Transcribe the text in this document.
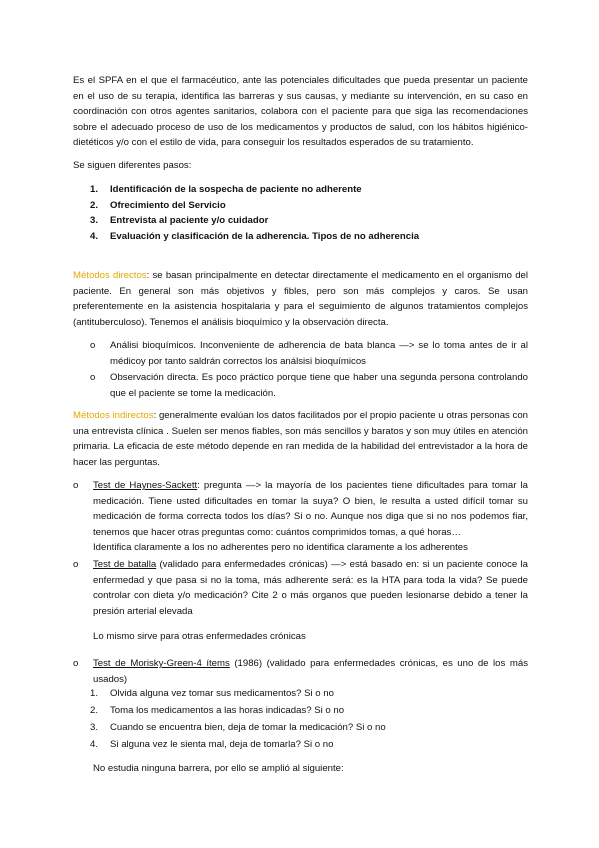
Es el SPFA en el que el farmacéutico, ante las potenciales dificultades que pueda presentar un paciente en el uso de su terapia, identifica las barreras y sus causas, y mediante su intervención, en su caso en coordinación con otros agentes sanitarios, colabora con el paciente para que siga las recomendaciones sobre el adecuado proceso de uso de los medicamentos y productos de salud, con los hábitos higiénico-dietéticos y/o con el estilo de vida, para conseguir los resultados esperados de su tratamiento.

Se siguen diferentes pasos:

1.	Identificación de la sospecha de paciente no adherente
2.	Ofrecimiento del Servicio
3.	Entrevista al paciente y/o cuidador
4.	Evaluación y clasificación de la adherencia. Tipos de no adherencia

Métodos directos: se basan principalmente en detectar directamente el medicamento en el organismo del paciente. En general son más objetivos y fibles, pero son más complejos y caros. Se usan preferentemente en la asistencia hospitalaria y para el seguimiento de algunos tratamientos complejos (antituberculoso). Tenemos el análisis bioquímico y la observación directa.

o	Análisi bioquímicos. Inconveniente de adherencia de bata blanca —> se lo toma antes de ir al médicoy por tanto saldrán correctos los análsisi bioquímicos
o	Observación directa. Es poco práctico porque tiene que haber una segunda persona controlando que el paciente se tome la medicación.

Métodos indirectos: generalmente evalúan los datos facilitados por el propio paciente u otras personas con una entrevista clínica . Suelen ser menos fiables, son más sencillos y baratos y son muy útiles en atención primaria. La eficacia de este método depende en ran medida de la habilidad del entrevistador a la hora de hacer las perguntas.

o	Test de Haynes-Sackett: pregunta —> la mayoría de los pacientes tiene dificultades para tomar la medicación. Tiene usted dificultades en tomar la suya? O bien, le resulta a usted difícil tomar su medicación de forma correcta todos los días? Si o no. Aunque nos diga que si no nos podemos fiar, tenemos que hacer otras preguntas como: cuántos comprimidos tomas, a qué horas…
Identifica claramente a los no adherentes pero no identifica claramente a los adherentes
o	Test de batalla (validado para enfermedades crónicas) —> está basado en: si un paciente conoce la enfermedad y que pasa si no la toma, más adherente será: es la HTA para toda la vida? Se puede controlar con dieta y/o medicación? Cite 2 o más organos que pueden lesionarse debido a tener la presión arterial elevada

Lo mismo sirve para otras enfermedades crónicas

o	Test de Morisky-Green-4 ítems (1986) (validado para enfermedades crónicas, es uno de los más usados)
1.	Olvida alguna vez tomar sus medicamentos? Si o no
2.	Toma los medicamentos a las horas indicadas? Si o no
3.	Cuando se encuentra bien, deja de tomar la medicación? Si o no
4.	Si alguna vez le sienta mal, deja de tomarla? Si o no

No estudia ninguna barrera, por ello se amplió al siguiente:
